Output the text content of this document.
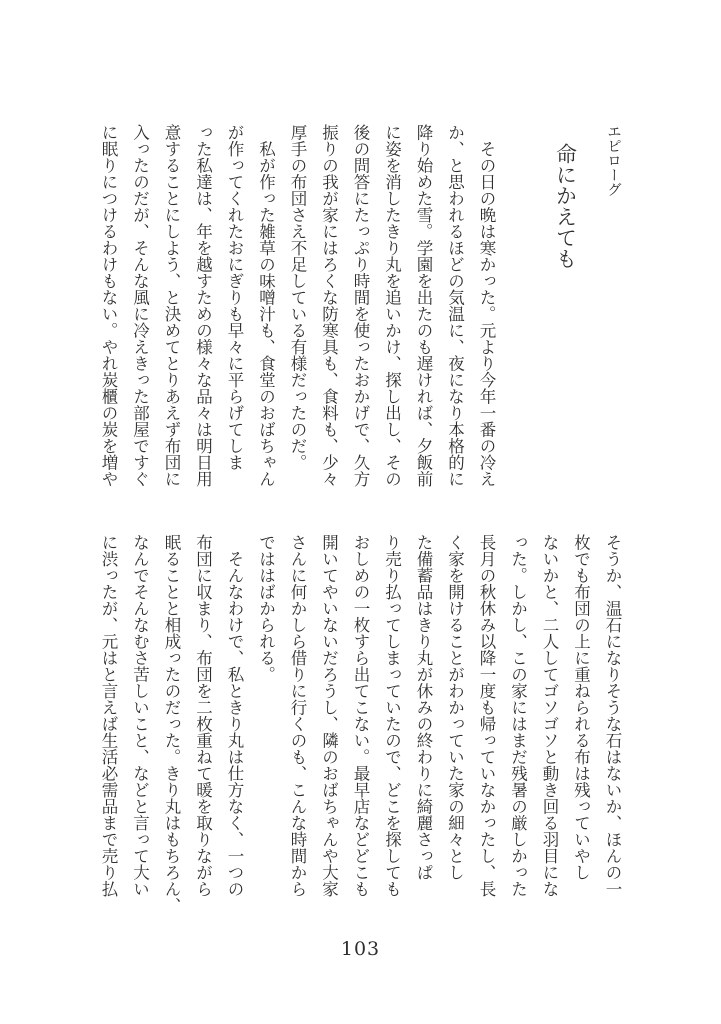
エピローグ
命にかえても
　その日の晩は寒かった。元より今年一番の冷え
か、と思われるほどの気温に、夜になり本格的に
降り始めた雪。学園を出たのも遅ければ、夕飯前
に姿を消したきり丸を追いかけ、探し出し、その
後の問答にたっぷり時間を使ったおかげで、久方
振りの我が家にはろくな防寒具も、食料も、少々
厚手の布団さえ不足している有様だったのだ。
　私が作った雑草の味噌汁も、食堂のおばちゃん
が作ってくれたおにぎりも早々に平らげてしま
った私達は、年を越すための様々な品々は明日用
意することにしよう、と決めてとりあえず布団に
入ったのだが、そんな風に冷えきった部屋ですぐ
に眠りにつけるわけもない。やれ炭櫃の炭を増や
そうか、温石になりそうな石はないか、ほんの一
枚でも布団の上に重ねられる布は残っていやし
ないかと、二人してゴソゴソと動き回る羽目にな
った。しかし、この家にはまだ残暑の厳しかった
長月の秋休み以降一度も帰っていなかったし、長
く家を開けることがわかっていた家の細々とし
た備蓄品はきり丸が休みの終わりに綺麗さっぱ
り売り払ってしまっていたので、どこを探しても
おしめの一枚すら出てこない。最早店などどこも
開いてやいないだろうし、隣のおばちゃんや大家
さんに何かしら借りに行くのも、こんな時間から
でははばかられる。
　そんなわけで、私ときり丸は仕方なく、一つの
布団に収まり、布団を二枚重ねて暖を取りながら
眠ることと相成ったのだった。きり丸はもちろん、
なんでそんなむさ苦しいこと、などと言って大い
に渋ったが、元はと言えば生活必需品まで売り払
103
